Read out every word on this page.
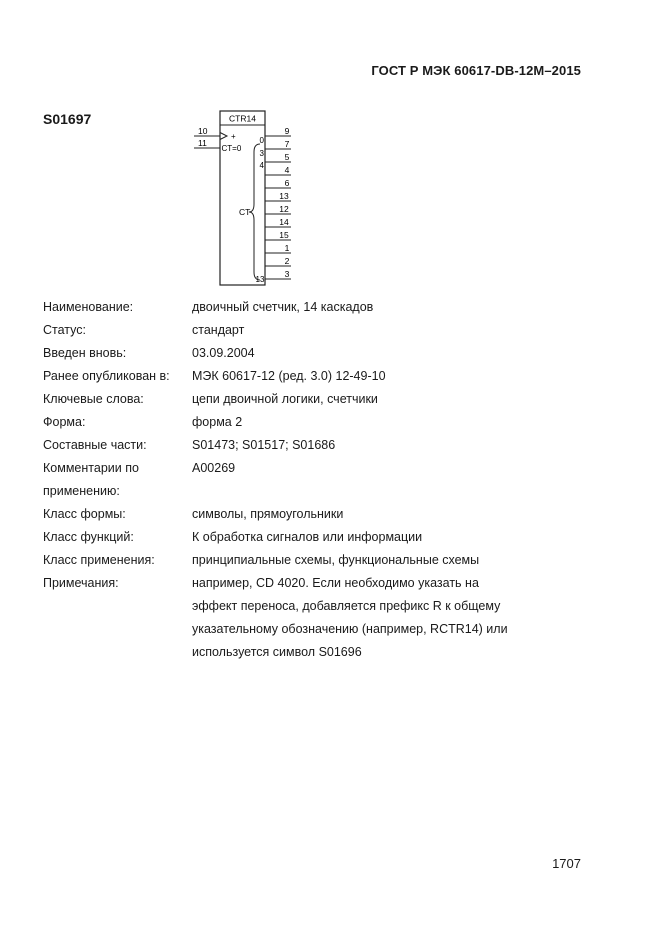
ГОСТ Р МЭК 60617-DB-12M–2015
S01697	CTR14
10
+
11
CT=0
CT
0
3
4
13
9
7
5
4
6
13
12
14
15
1
2
3
Наименование:	двоичный счетчик, 14 каскадов
Статус:	стандарт
Введен вновь:	03.09.2004
Ранее опубликован в:	МЭК 60617-12 (ред. 3.0) 12-49-10
Ключевые слова:	цепи двоичной логики, счетчики
Форма:	форма 2
Составные части:	S01473; S01517; S01686
Комментарии по	A00269
применению:
Класс формы:	символы, прямоугольники
Класс функций:	К обработка сигналов или информации
Класс применения:	принципиальные схемы, функциональные схемы
Примечания:	например, CD 4020. Если необходимо указать на
эффект переноса, добавляется префикс R к общему
указательному обозначению (например, RCTR14) или
используется символ S01696
1707
